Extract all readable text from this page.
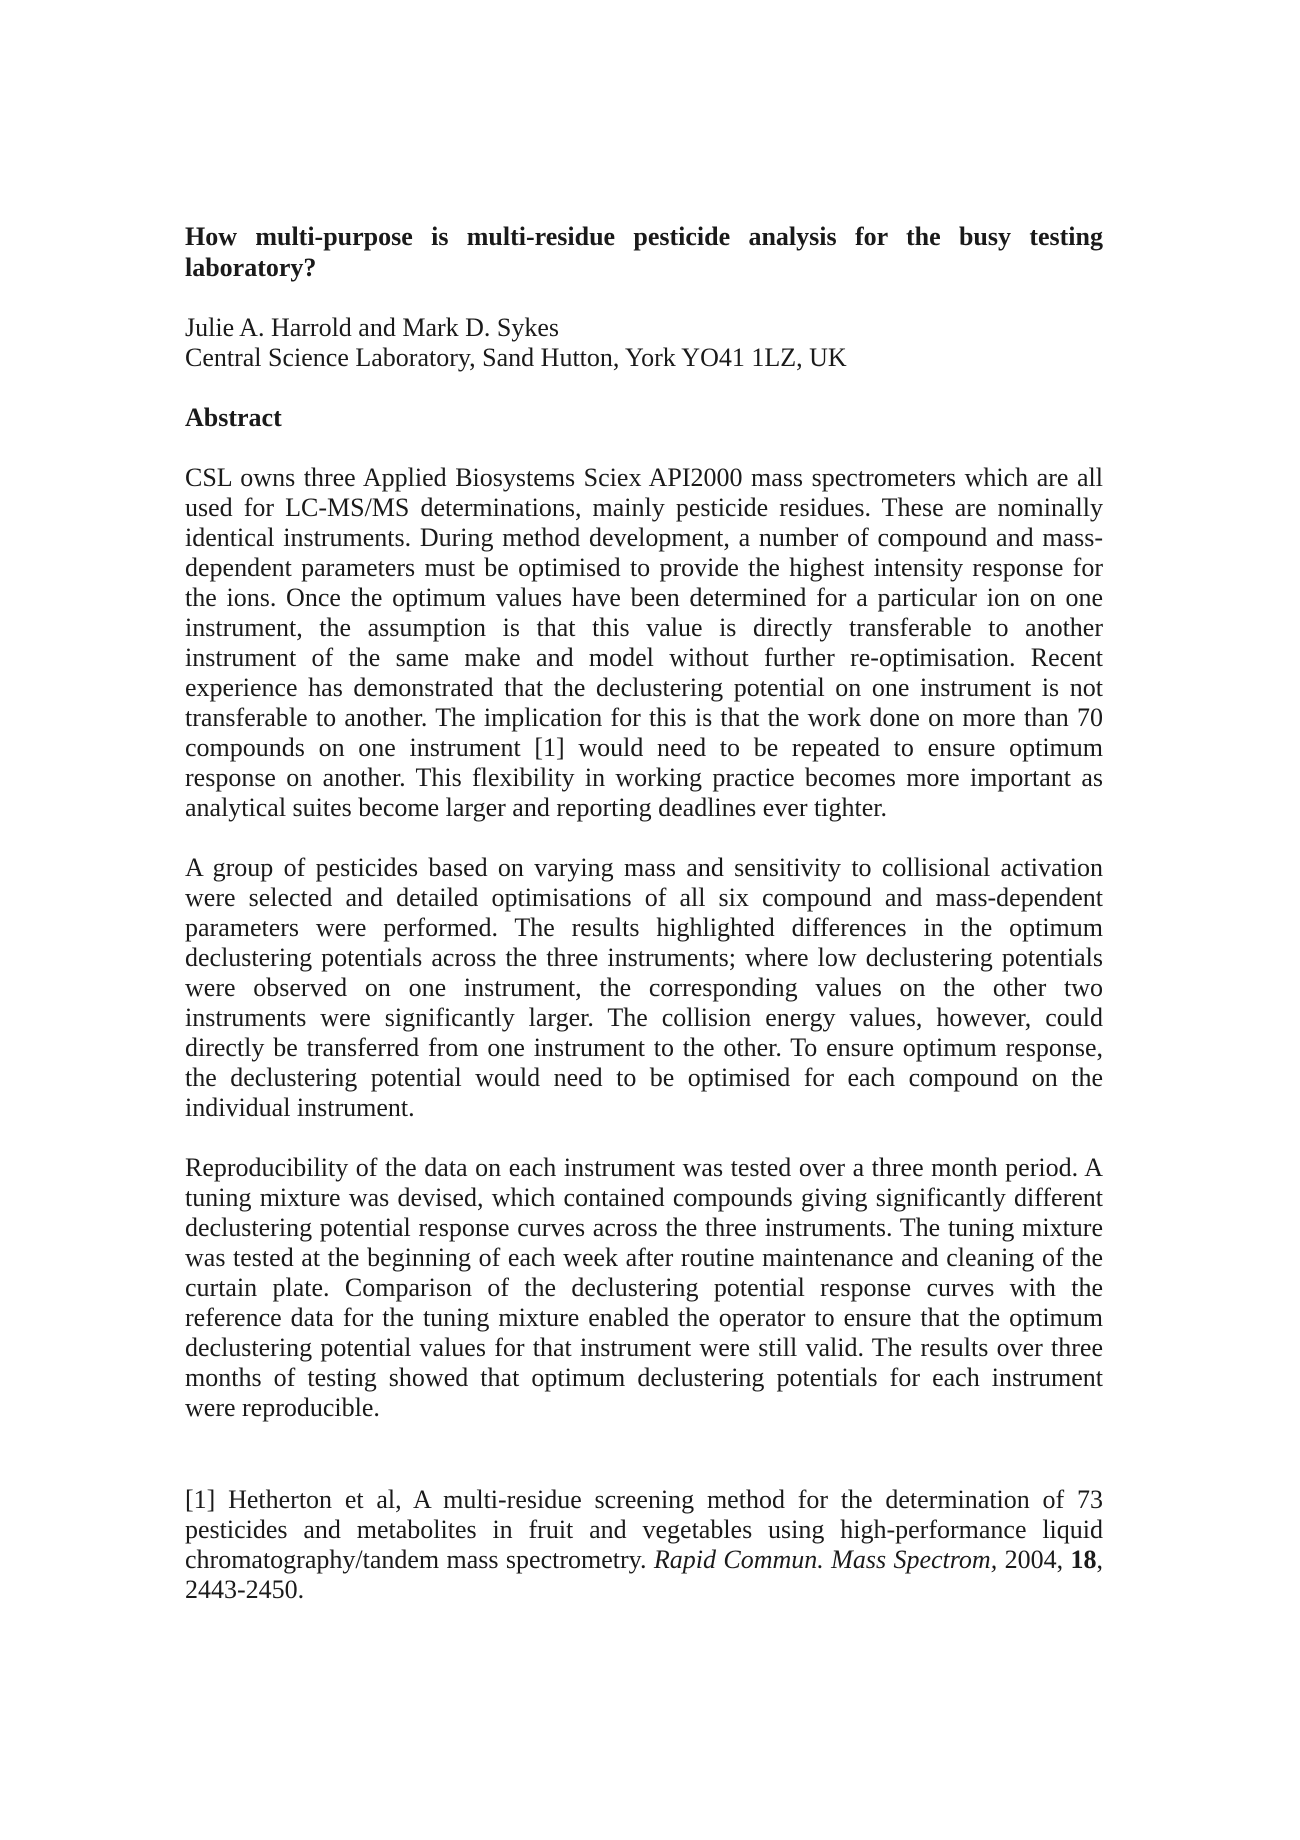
How multi-purpose is multi-residue pesticide analysis for the busy testing laboratory?
Julie A. Harrold and Mark D. Sykes
Central Science Laboratory, Sand Hutton, York YO41 1LZ, UK
Abstract

CSL owns three Applied Biosystems Sciex API2000 mass spectrometers which are all used for LC-MS/MS determinations, mainly pesticide residues. These are nominally identical instruments. During method development, a number of compound and mass-dependent parameters must be optimised to provide the highest intensity response for the ions. Once the optimum values have been determined for a particular ion on one instrument, the assumption is that this value is directly transferable to another instrument of the same make and model without further re-optimisation. Recent experience has demonstrated that the declustering potential on one instrument is not transferable to another. The implication for this is that the work done on more than 70 compounds on one instrument [1] would need to be repeated to ensure optimum response on another. This flexibility in working practice becomes more important as analytical suites become larger and reporting deadlines ever tighter.

A group of pesticides based on varying mass and sensitivity to collisional activation were selected and detailed optimisations of all six compound and mass-dependent parameters were performed. The results highlighted differences in the optimum declustering potentials across the three instruments; where low declustering potentials were observed on one instrument, the corresponding values on the other two instruments were significantly larger. The collision energy values, however, could directly be transferred from one instrument to the other. To ensure optimum response, the declustering potential would need to be optimised for each compound on the individual instrument.

Reproducibility of the data on each instrument was tested over a three month period. A tuning mixture was devised, which contained compounds giving significantly different declustering potential response curves across the three instruments. The tuning mixture was tested at the beginning of each week after routine maintenance and cleaning of the curtain plate. Comparison of the declustering potential response curves with the reference data for the tuning mixture enabled the operator to ensure that the optimum declustering potential values for that instrument were still valid. The results over three months of testing showed that optimum declustering potentials for each instrument were reproducible.

[1] Hetherton et al, A multi-residue screening method for the determination of 73 pesticides and metabolites in fruit and vegetables using high-performance liquid chromatography/tandem mass spectrometry. Rapid Commun. Mass Spectrom, 2004, 18, 2443-2450.
